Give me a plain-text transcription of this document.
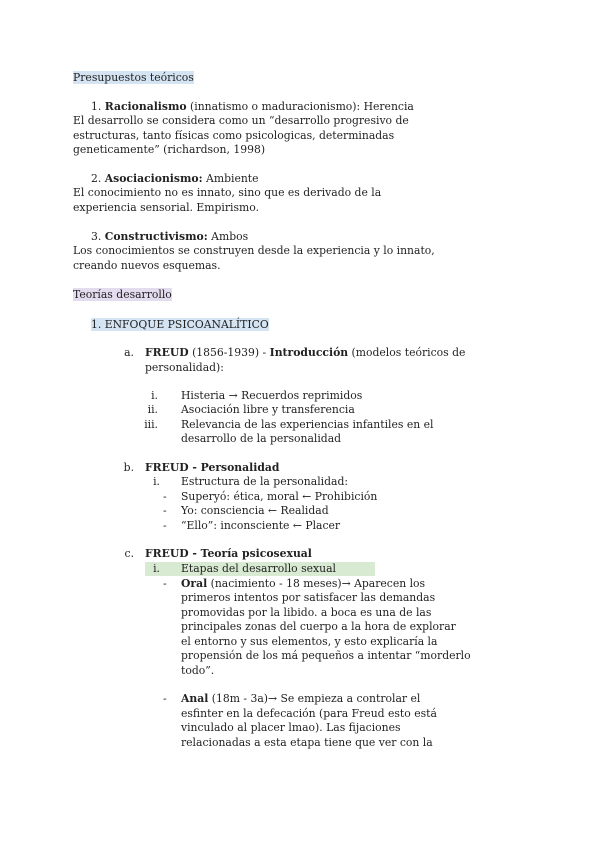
Presupuestos teóricos
1. Racionalismo (innatismo o maduracionismo): Herencia
El desarrollo se considera como un “desarrollo progresivo de
estructuras, tanto físicas como psicologicas, determinadas
geneticamente” (richardson, 1998)
2. Asociacionismo: Ambiente
El conocimiento no es innato, sino que es derivado de la
experiencia sensorial. Empirismo.
3. Constructivismo: Ambos
Los conocimientos se construyen desde la experiencia y lo innato,
creando nuevos esquemas.
Teorías desarrollo
1. ENFOQUE PSICOANALÍTICO
a. FREUD (1856-1939) - Introducción (modelos teóricos de
personalidad):
i. Histeria → Recuerdos reprimidos
ii. Asociación libre y transferencia
iii. Relevancia de las experiencias infantiles en el
desarrollo de la personalidad
b. FREUD - Personalidad
i. Estructura de la personalidad:
- Superyó: ética, moral ← Prohibición
- Yo: consciencia ← Realidad
- “Ello”: inconsciente ← Placer
c. FREUD - Teoría psicosexual
i. Etapas del desarrollo sexual
- Oral (nacimiento - 18 meses)→ Aparecen los
primeros intentos por satisfacer las demandas
promovidas por la libido. a boca es una de las
principales zonas del cuerpo a la hora de explorar
el entorno y sus elementos, y esto explicaría la
propensión de los má pequeños a intentar “morderlo
todo”.
- Anal (18m - 3a)→ Se empieza a controlar el
esfinter en la defecación (para Freud esto está
vinculado al placer lmao). Las fijaciones
relacionadas a esta etapa tiene que ver con la
